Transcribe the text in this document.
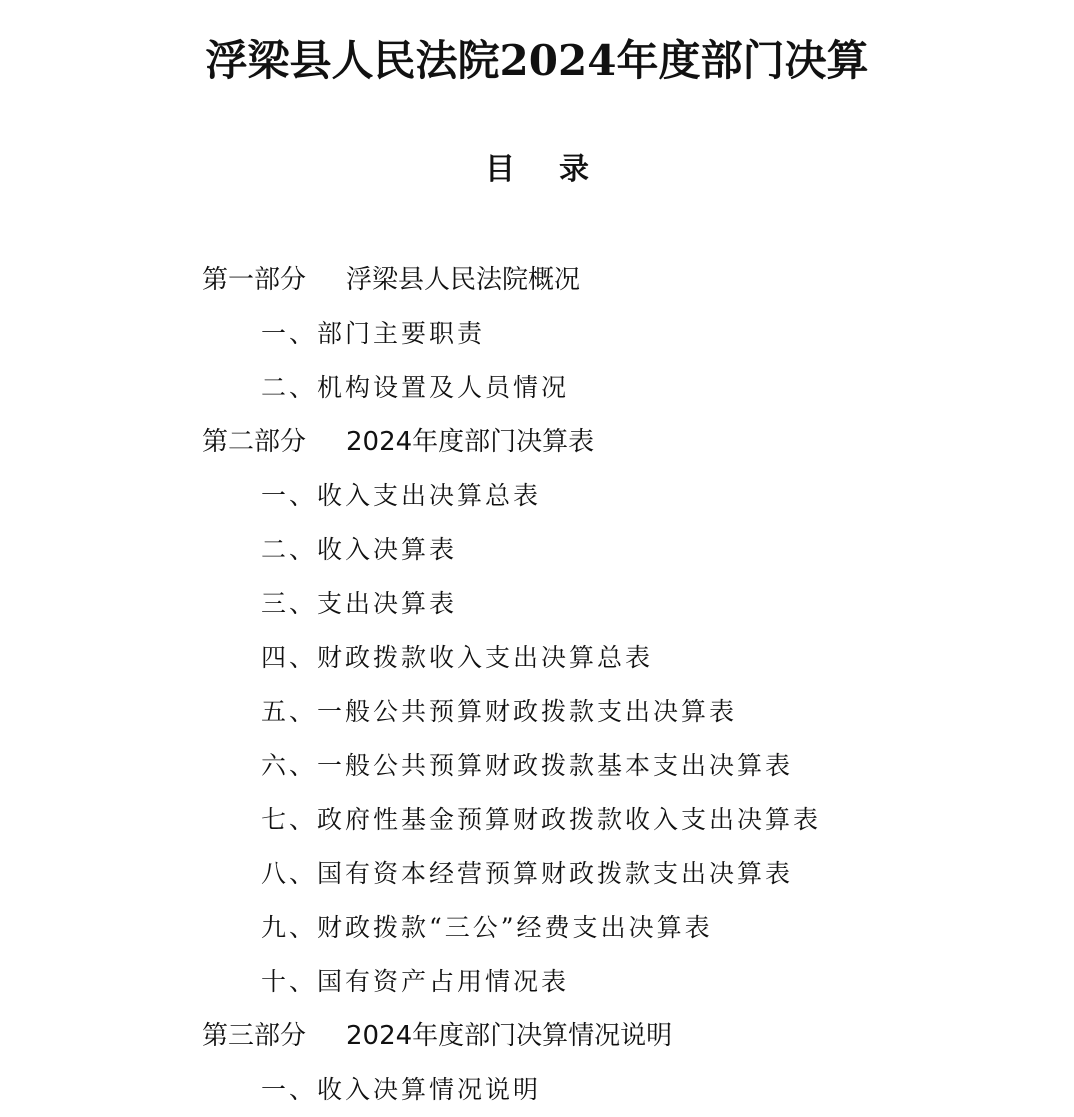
浮梁县人民法院2024年度部门决算
目录
第一部分 浮梁县人民法院概况
一、部门主要职责
二、机构设置及人员情况
第二部分 2024年度部门决算表
一、收入支出决算总表
二、收入决算表
三、支出决算表
四、财政拨款收入支出决算总表
五、一般公共预算财政拨款支出决算表
六、一般公共预算财政拨款基本支出决算表
七、政府性基金预算财政拨款收入支出决算表
八、国有资本经营预算财政拨款支出决算表
九、财政拨款“三公”经费支出决算表
十、国有资产占用情况表
第三部分 2024年度部门决算情况说明
一、收入决算情况说明
